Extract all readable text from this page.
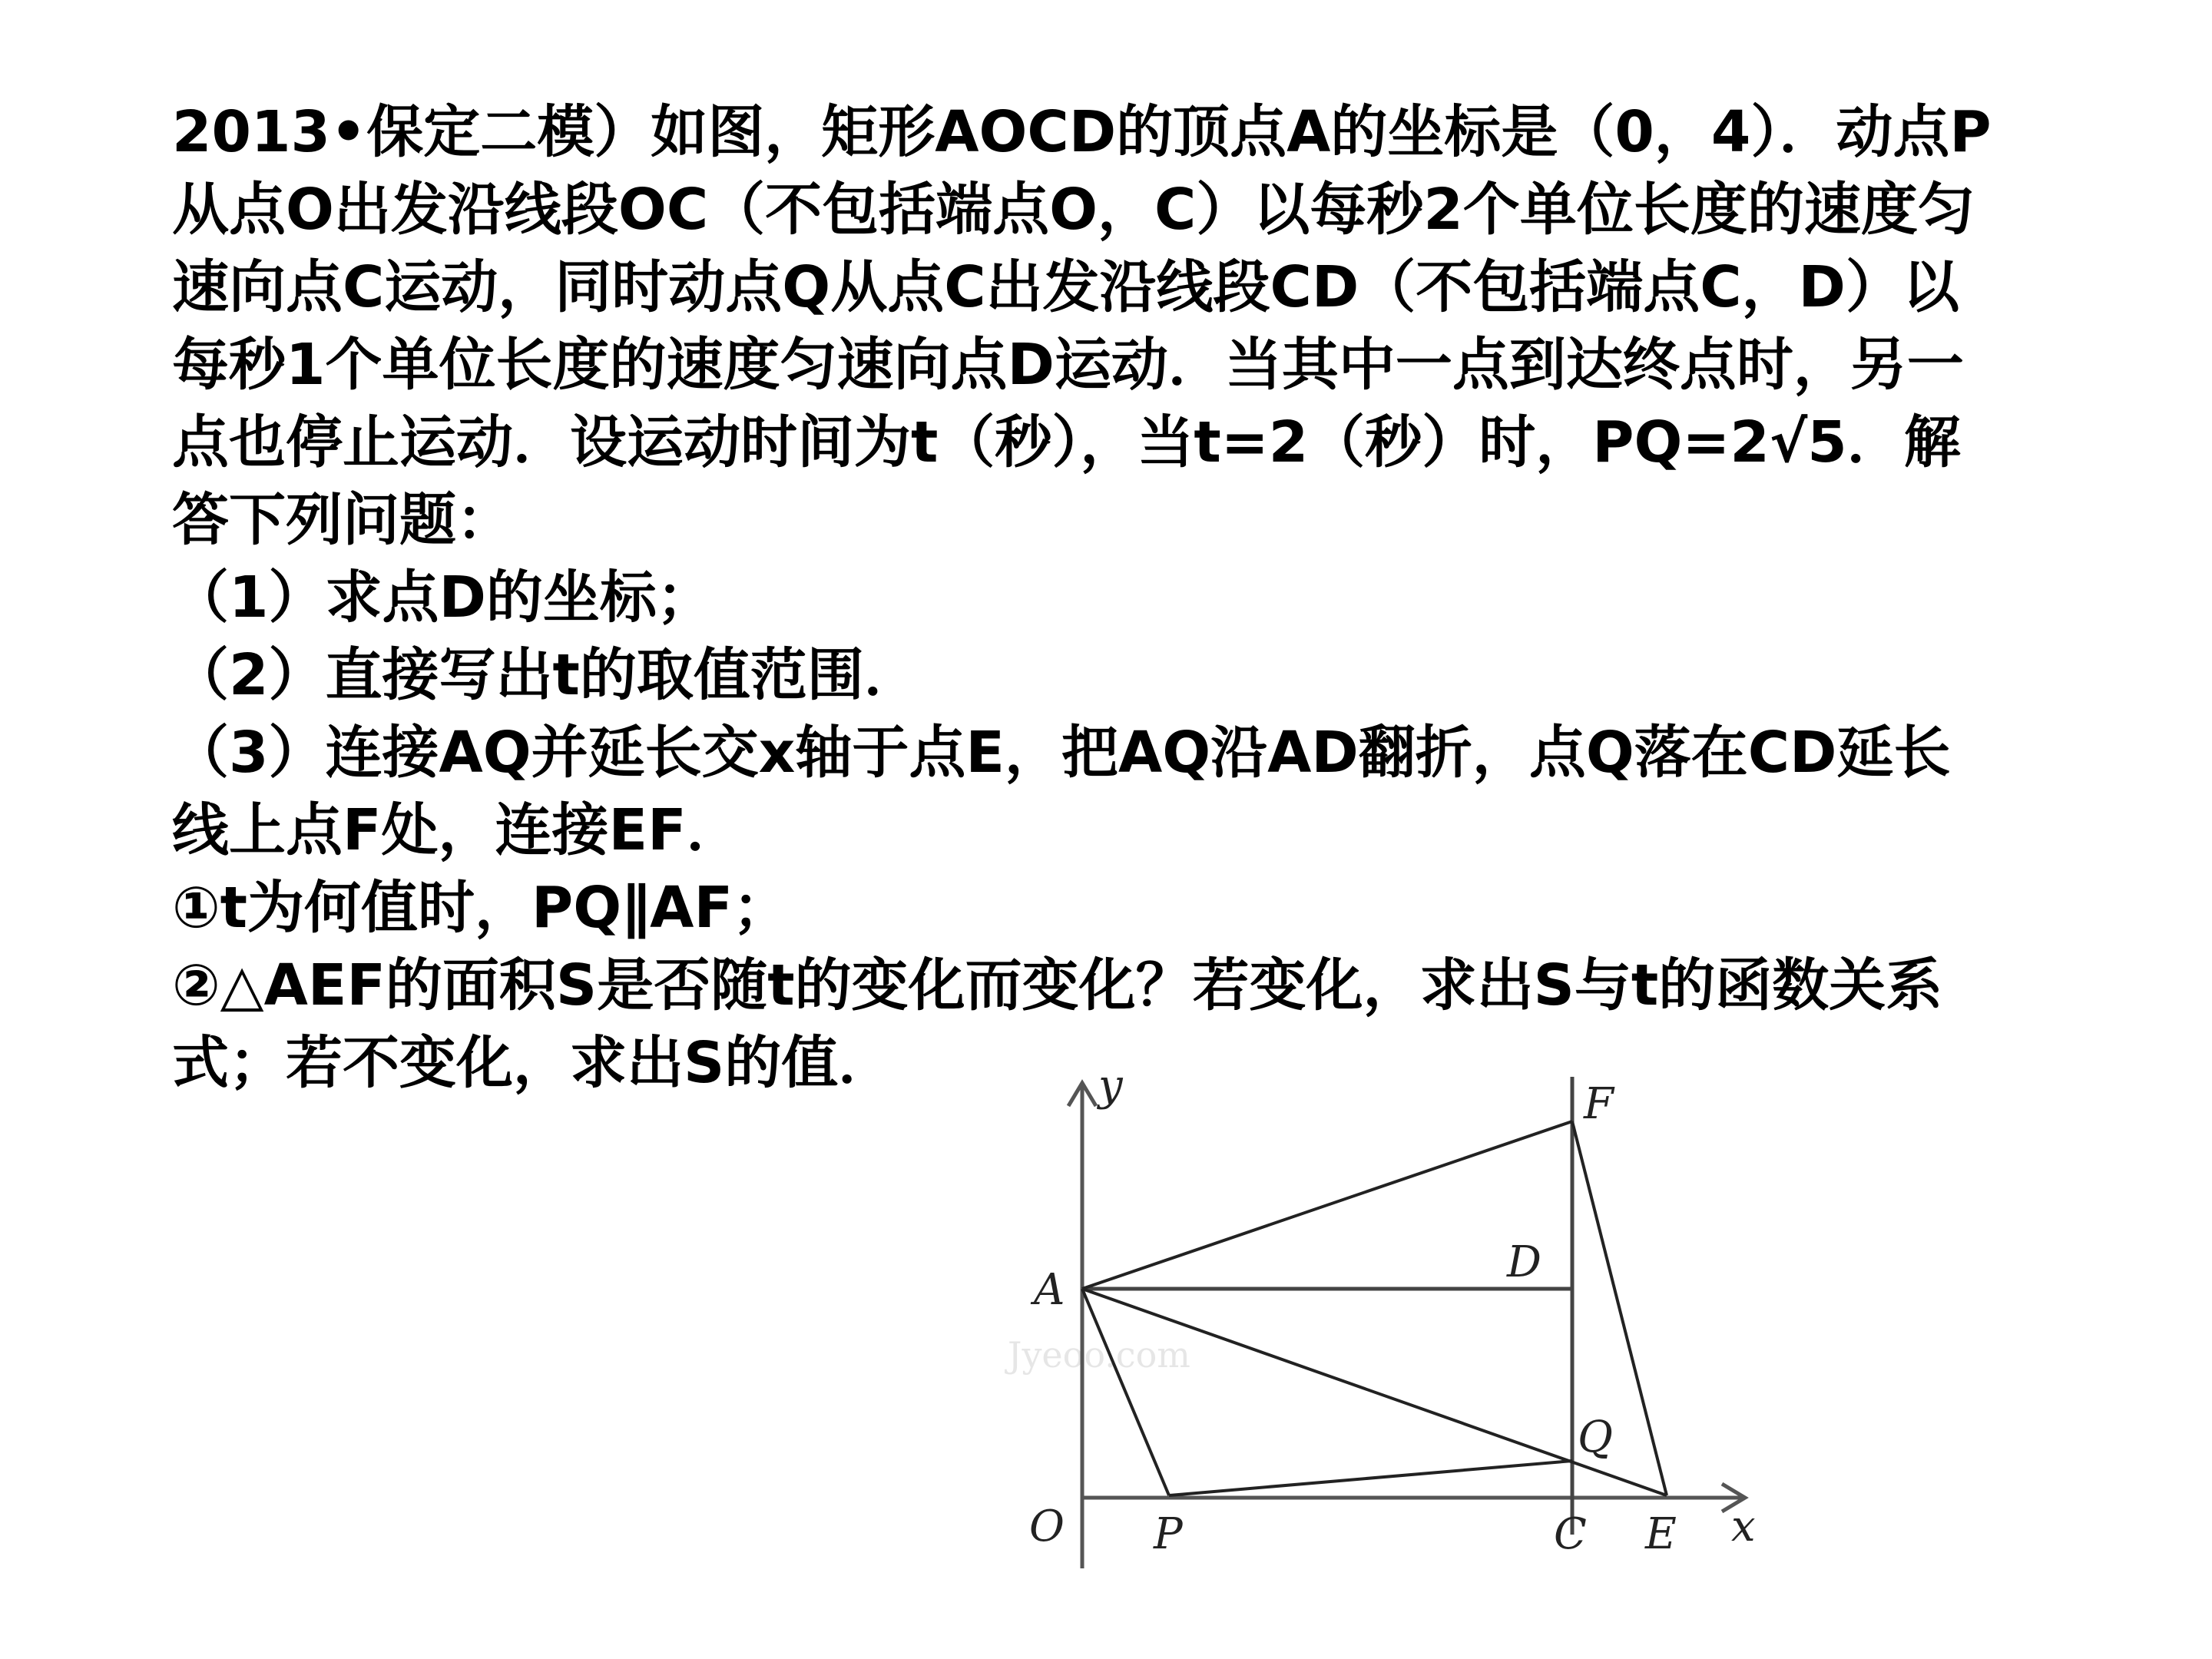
2013•保定二模）如图，矩形AOCD的顶点A的坐标是（0，4）．动点P
从点O出发沿线段OC（不包括端点O，C）以每秒2个单位长度的速度匀
速向点C运动，同时动点Q从点C出发沿线段CD（不包括端点C，D）以
每秒1个单位长度的速度匀速向点D运动．当其中一点到达终点时，另一
点也停止运动．设运动时间为t（秒），当t=2（秒）时，PQ=2√5．解
答下列问题：
（1）求点D的坐标；
（2）直接写出t的取值范围．
（3）连接AQ并延长交x轴于点E，把AQ沿AD翻折，点Q落在CD延长
线上点F处，连接EF．
①t为何值时，PQ∥AF；
②△AEF的面积S是否随t的变化而变化？若变化，求出S与t的函数关系
式；若不变化，求出S的值．
Jyeoo.com
y
x
O
A
D
F
Q
P	C E
